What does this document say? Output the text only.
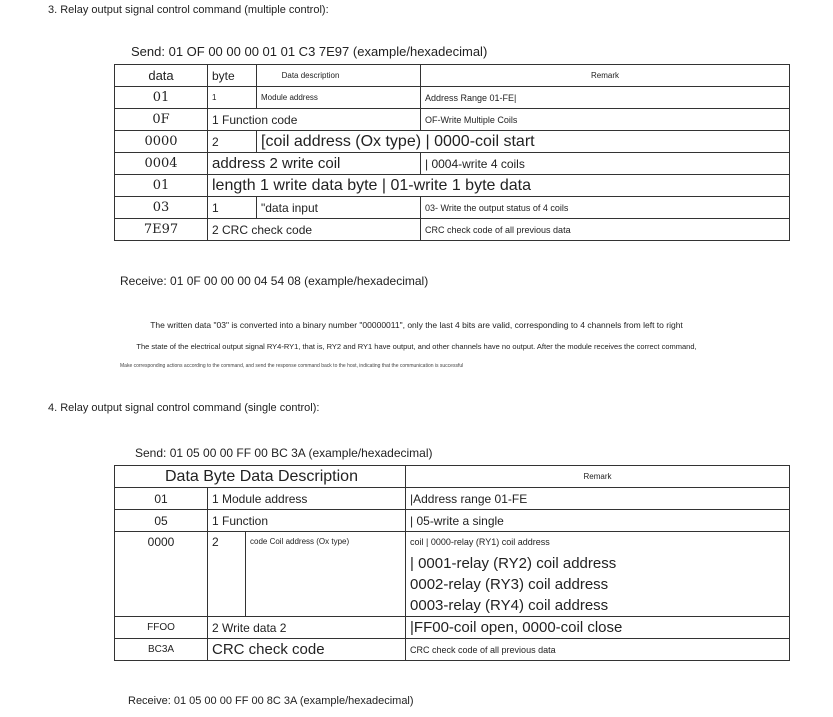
3. Relay output signal control command (multiple control):
Send: 01 OF 00 00 00 01 01 C3 7E97 (example/hexadecimal)
data	byte	Data description	Remark
01	1	Module address	Address Range 01-FE|
0F	1 Function code		OF-Write Multiple Coils
0000	2	[coil address (Ox type) | 0000-coil start	
0004	address 2 write coil		| 0004-write 4 coils
01	length 1 write data byte | 01-write 1 byte data		
03	1	"data input	03- Write the output status of 4 coils
7E97	2 CRC check code		CRC check code of all previous data
Receive: 01 0F 00 00 00 04 54 08 (example/hexadecimal)
The written data "03" is converted into a binary number "00000011", only the last 4 bits are valid, corresponding to 4 channels from left to right
The state of the electrical output signal RY4-RY1, that is, RY2 and RY1 have output, and other channels have no output. After the module receives the correct command,
Make corresponding actions according to the command, and send the response command back to the host, indicating that the communication is successful
4. Relay output signal control command (single control):
Send: 01 05 00 00 FF 00 BC 3A (example/hexadecimal)
Data Byte Data Description			Remark
01	1 Module address		|Address range 01-FE
05	1 Function		| 05-write a single
0000	2	code Coil address (Ox type)	coil | 0000-relay (RY1) coil address
| 0001-relay (RY2) coil address
0002-relay (RY3) coil address
0003-relay (RY4) coil address

FFOO	2 Write data 2		|FF00-coil open, 0000-coil close
BC3A	CRC check code		CRC check code of all previous data
Receive: 01 05 00 00 FF 00 8C 3A (example/hexadecimal)
